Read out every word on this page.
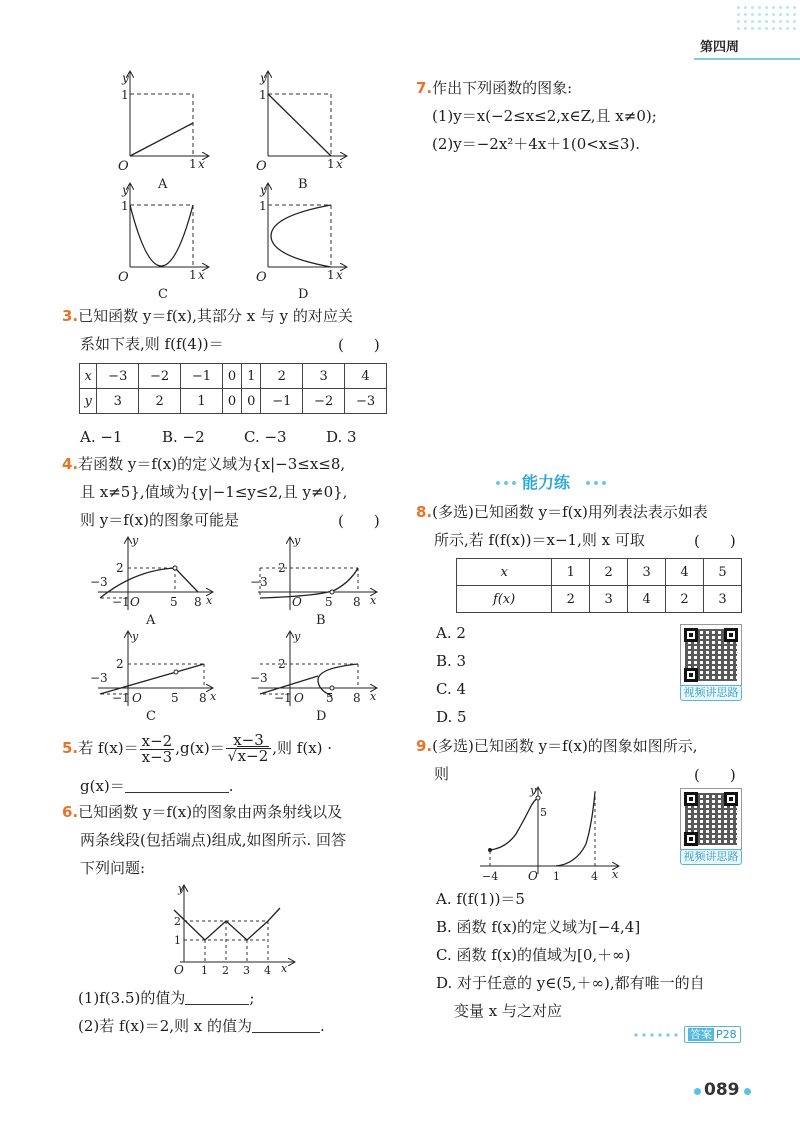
第四周
y
1
O	1 x
A
y
1
O	1 x
B
y
1
O	1 x
C
y
1
O	1 x
D
3.已知函数 y＝f(x),其部分 x 与 y 的对应关
系如下表,则 f(f(4))＝	(　　)
x	−3	−2	−1	0	1	2	3	4
y	3	2	1	0	0	−1	−2	−3
A. −1	B. −2	C. −3	D. 3
4.若函数 y＝f(x)的定义域为{x|−3≤x≤8,
且 x≠5},值域为{y|−1≤y≤2,且 y≠0},
则 y＝f(x)的图象可能是	(　　)
2
−3
−1 O	5 8
y
x
A
2
−3
O 5 8
y
x
B
2
−3
−1 O 5 8
y
x
C
2
−3
−1 O 5 8
y
x
D
5.若 $f(x)= \frac{x-2}{x-3} ,g(x)= \frac{x-3}{√x-2}$ ,则 f(x) ·
g(x)＝	.
6.已知函数 y＝f(x)的图象由两条射线以及
两条线段(包括端点)组成,如图所示. 回答
下列问题:
y
2
1
O 1 2 3 4 x
(1)f(3.5)的值为	;
(2)若 f(x)＝2,则 x 的值为	.
7.作出下列函数的图象:
(1)y＝x(−2≤x≤2,x∈Z,且 x≠0);
(2)y＝−2x²＋4x＋1(0<x≤3).
能力练
8.(多选)已知函数 y＝f(x)用列表法表示如表
所示,若 f(f(x))＝x−1,则 x 可取	(　　)
x	1	2	3	4	5
f(x)	2	3	4	2	3
A. 2
B. 3
C. 4
D. 5
视频讲思路
9.(多选)已知函数 y＝f(x)的图象如图所示,
则	(　　)
y
5
−4 O 1	4 x
视频讲思路
A. f(f(1))＝5
B. 函数 f(x)的定义域为[−4,4]
C. 函数 f(x)的值域为[0,＋∞)
D. 对于任意的 y∈(5,＋∞),都有唯一的自
变量 x 与之对应
答案 P28
089
